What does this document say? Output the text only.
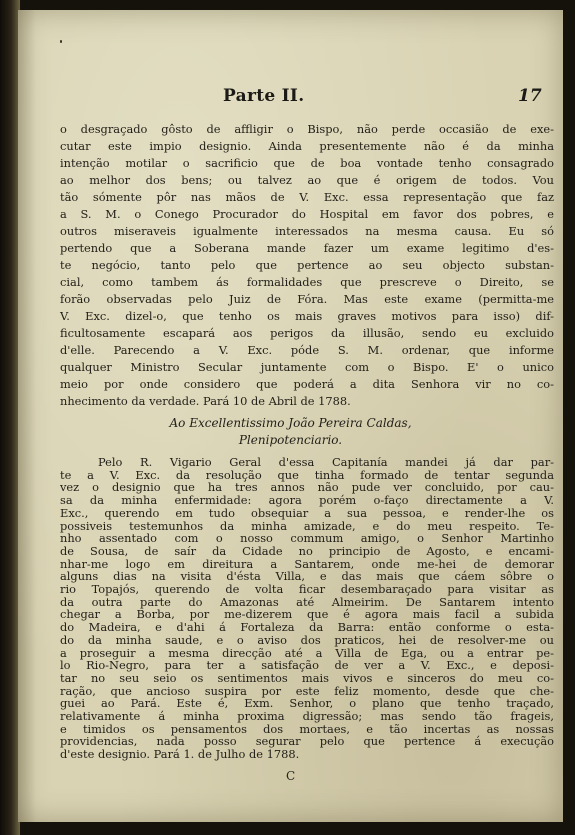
Parte II.	17
o desgraçado gôsto de affligir o Bispo, não perde occasião de exe-
cutar este impio designio. Ainda presentemente não é da minha
intenção motilar o sacrificio que de boa vontade tenho consagrado
ao melhor dos bens; ou talvez ao que é origem de todos. Vou
tão sómente pôr nas mãos de V. Exc. essa representação que faz
a S. M. o Conego Procurador do Hospital em favor dos pobres, e
outros miseraveis igualmente interessados na mesma causa. Eu só
pertendo que a Soberana mande fazer um exame legitimo d'es-
te negócio, tanto pelo que pertence ao seu objecto substan-
cial, como tambem ás formalidades que prescreve o Direito, se
forão observadas pelo Juiz de Fóra. Mas este exame (permitta-me
V. Exc. dizel-o, que tenho os mais graves motivos para isso) dif-
ficultosamente escapará aos perigos da illusão, sendo eu excluido
d'elle. Parecendo a V. Exc. póde S. M. ordenar, que informe
qualquer Ministro Secular juntamente com o Bispo. E' o unico
meio por onde considero que poderá a dita Senhora vir no co-
nhecimento da verdade. Pará 10 de Abril de 1788.
Ao Excellentissimo João Pereira Caldas,
Plenipotenciario.
Pelo R. Vigario Geral d'essa Capitanía mandei já dar par-
te a V. Exc. da resolução que tinha formado de tentar segunda
vez o designio que ha tres annos não pude ver concluido, por cau-
sa da minha enfermidade: agora porém o-faço directamente a V.
Exc., querendo em tudo obsequiar a sua pessoa, e render-lhe os
possiveis testemunhos da minha amizade, e do meu respeito. Te-
nho assentado com o nosso commum amigo, o Senhor Martinho
de Sousa, de saír da Cidade no principio de Agosto, e encami-
nhar-me logo em direitura a Santarem, onde me-hei de demorar
alguns dias na visita d'ésta Villa, e das mais que cáem sôbre o
rio Topajós, querendo de volta ficar desembaraçado para visitar as
da outra parte do Amazonas até Almeirim. De Santarem intento
chegar a Borba, por me-dizerem que é agora mais facil a subida
do Madeira, e d'ahi á Fortaleza da Barra: então conforme o esta-
do da minha saude, e o aviso dos praticos, hei de resolver-me ou
a proseguir a mesma direcção até a Villa de Ega, ou a entrar pe-
lo Rio-Negro, para ter a satisfação de ver a V. Exc., e deposi-
tar no seu seio os sentimentos mais vivos e sinceros do meu co-
ração, que ancioso suspira por este feliz momento, desde que che-
guei ao Pará. Este é, Exm. Senhor, o plano que tenho traçado,
relativamente á minha proxima digressão; mas sendo tão frageis,
e timidos os pensamentos dos mortaes, e tão incertas as nossas
providencias, nada posso segurar pelo que pertence á execução
d'este designio. Pará 1. de Julho de 1788.
C
